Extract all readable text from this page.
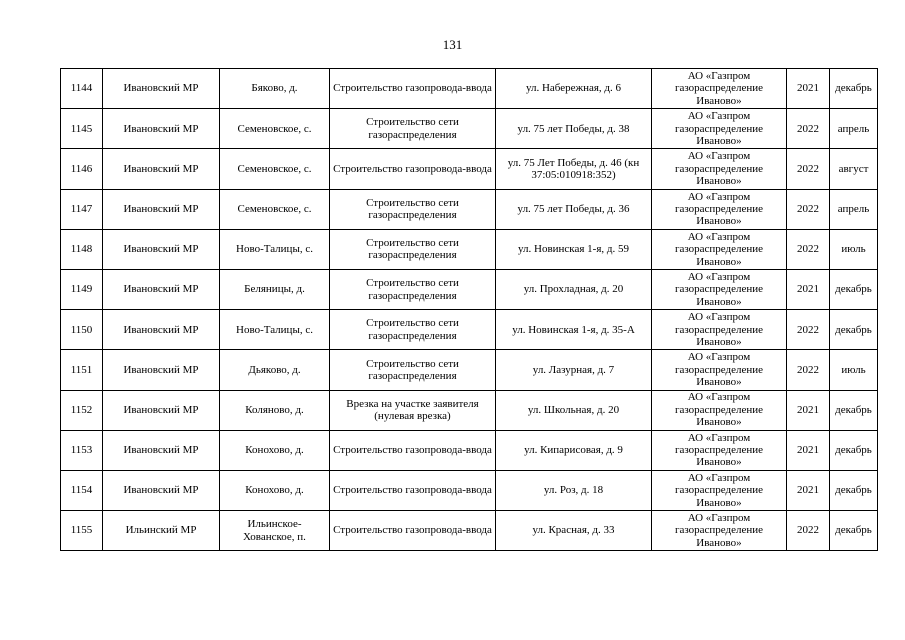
131
1144	Ивановский МР	Бяково, д.	Строительство газопровода-ввода	ул. Набережная, д. 6	АО «Газпром газораспределение Иваново»	2021	декабрь
1145	Ивановский МР	Семеновское, с.	Строительство сети газораспределения	ул. 75 лет Победы, д. 38	АО «Газпром газораспределение Иваново»	2022	апрель
1146	Ивановский МР	Семеновское, с.	Строительство газопровода-ввода	ул. 75 Лет Победы, д. 46 (кн 37:05:010918:352)	АО «Газпром газораспределение Иваново»	2022	август
1147	Ивановский МР	Семеновское, с.	Строительство сети газораспределения	ул. 75 лет Победы, д. 36	АО «Газпром газораспределение Иваново»	2022	апрель
1148	Ивановский МР	Ново-Талицы, с.	Строительство сети газораспределения	ул. Новинская 1-я, д. 59	АО «Газпром газораспределение Иваново»	2022	июль
1149	Ивановский МР	Беляницы, д.	Строительство сети газораспределения	ул. Прохладная, д. 20	АО «Газпром газораспределение Иваново»	2021	декабрь
1150	Ивановский МР	Ново-Талицы, с.	Строительство сети газораспределения	ул. Новинская 1-я, д. 35-А	АО «Газпром газораспределение Иваново»	2022	декабрь
1151	Ивановский МР	Дьяково, д.	Строительство сети газораспределения	ул. Лазурная, д. 7	АО «Газпром газораспределение Иваново»	2022	июль
1152	Ивановский МР	Коляново, д.	Врезка на участке заявителя (нулевая врезка)	ул. Школьная, д. 20	АО «Газпром газораспределение Иваново»	2021	декабрь
1153	Ивановский МР	Конохово, д.	Строительство газопровода-ввода	ул. Кипарисовая, д. 9	АО «Газпром газораспределение Иваново»	2021	декабрь
1154	Ивановский МР	Конохово, д.	Строительство газопровода-ввода	ул. Роз, д. 18	АО «Газпром газораспределение Иваново»	2021	декабрь
1155	Ильинский МР	Ильинское-Хованское, п.	Строительство газопровода-ввода	ул. Красная, д. 33	АО «Газпром газораспределение Иваново»	2022	декабрь
